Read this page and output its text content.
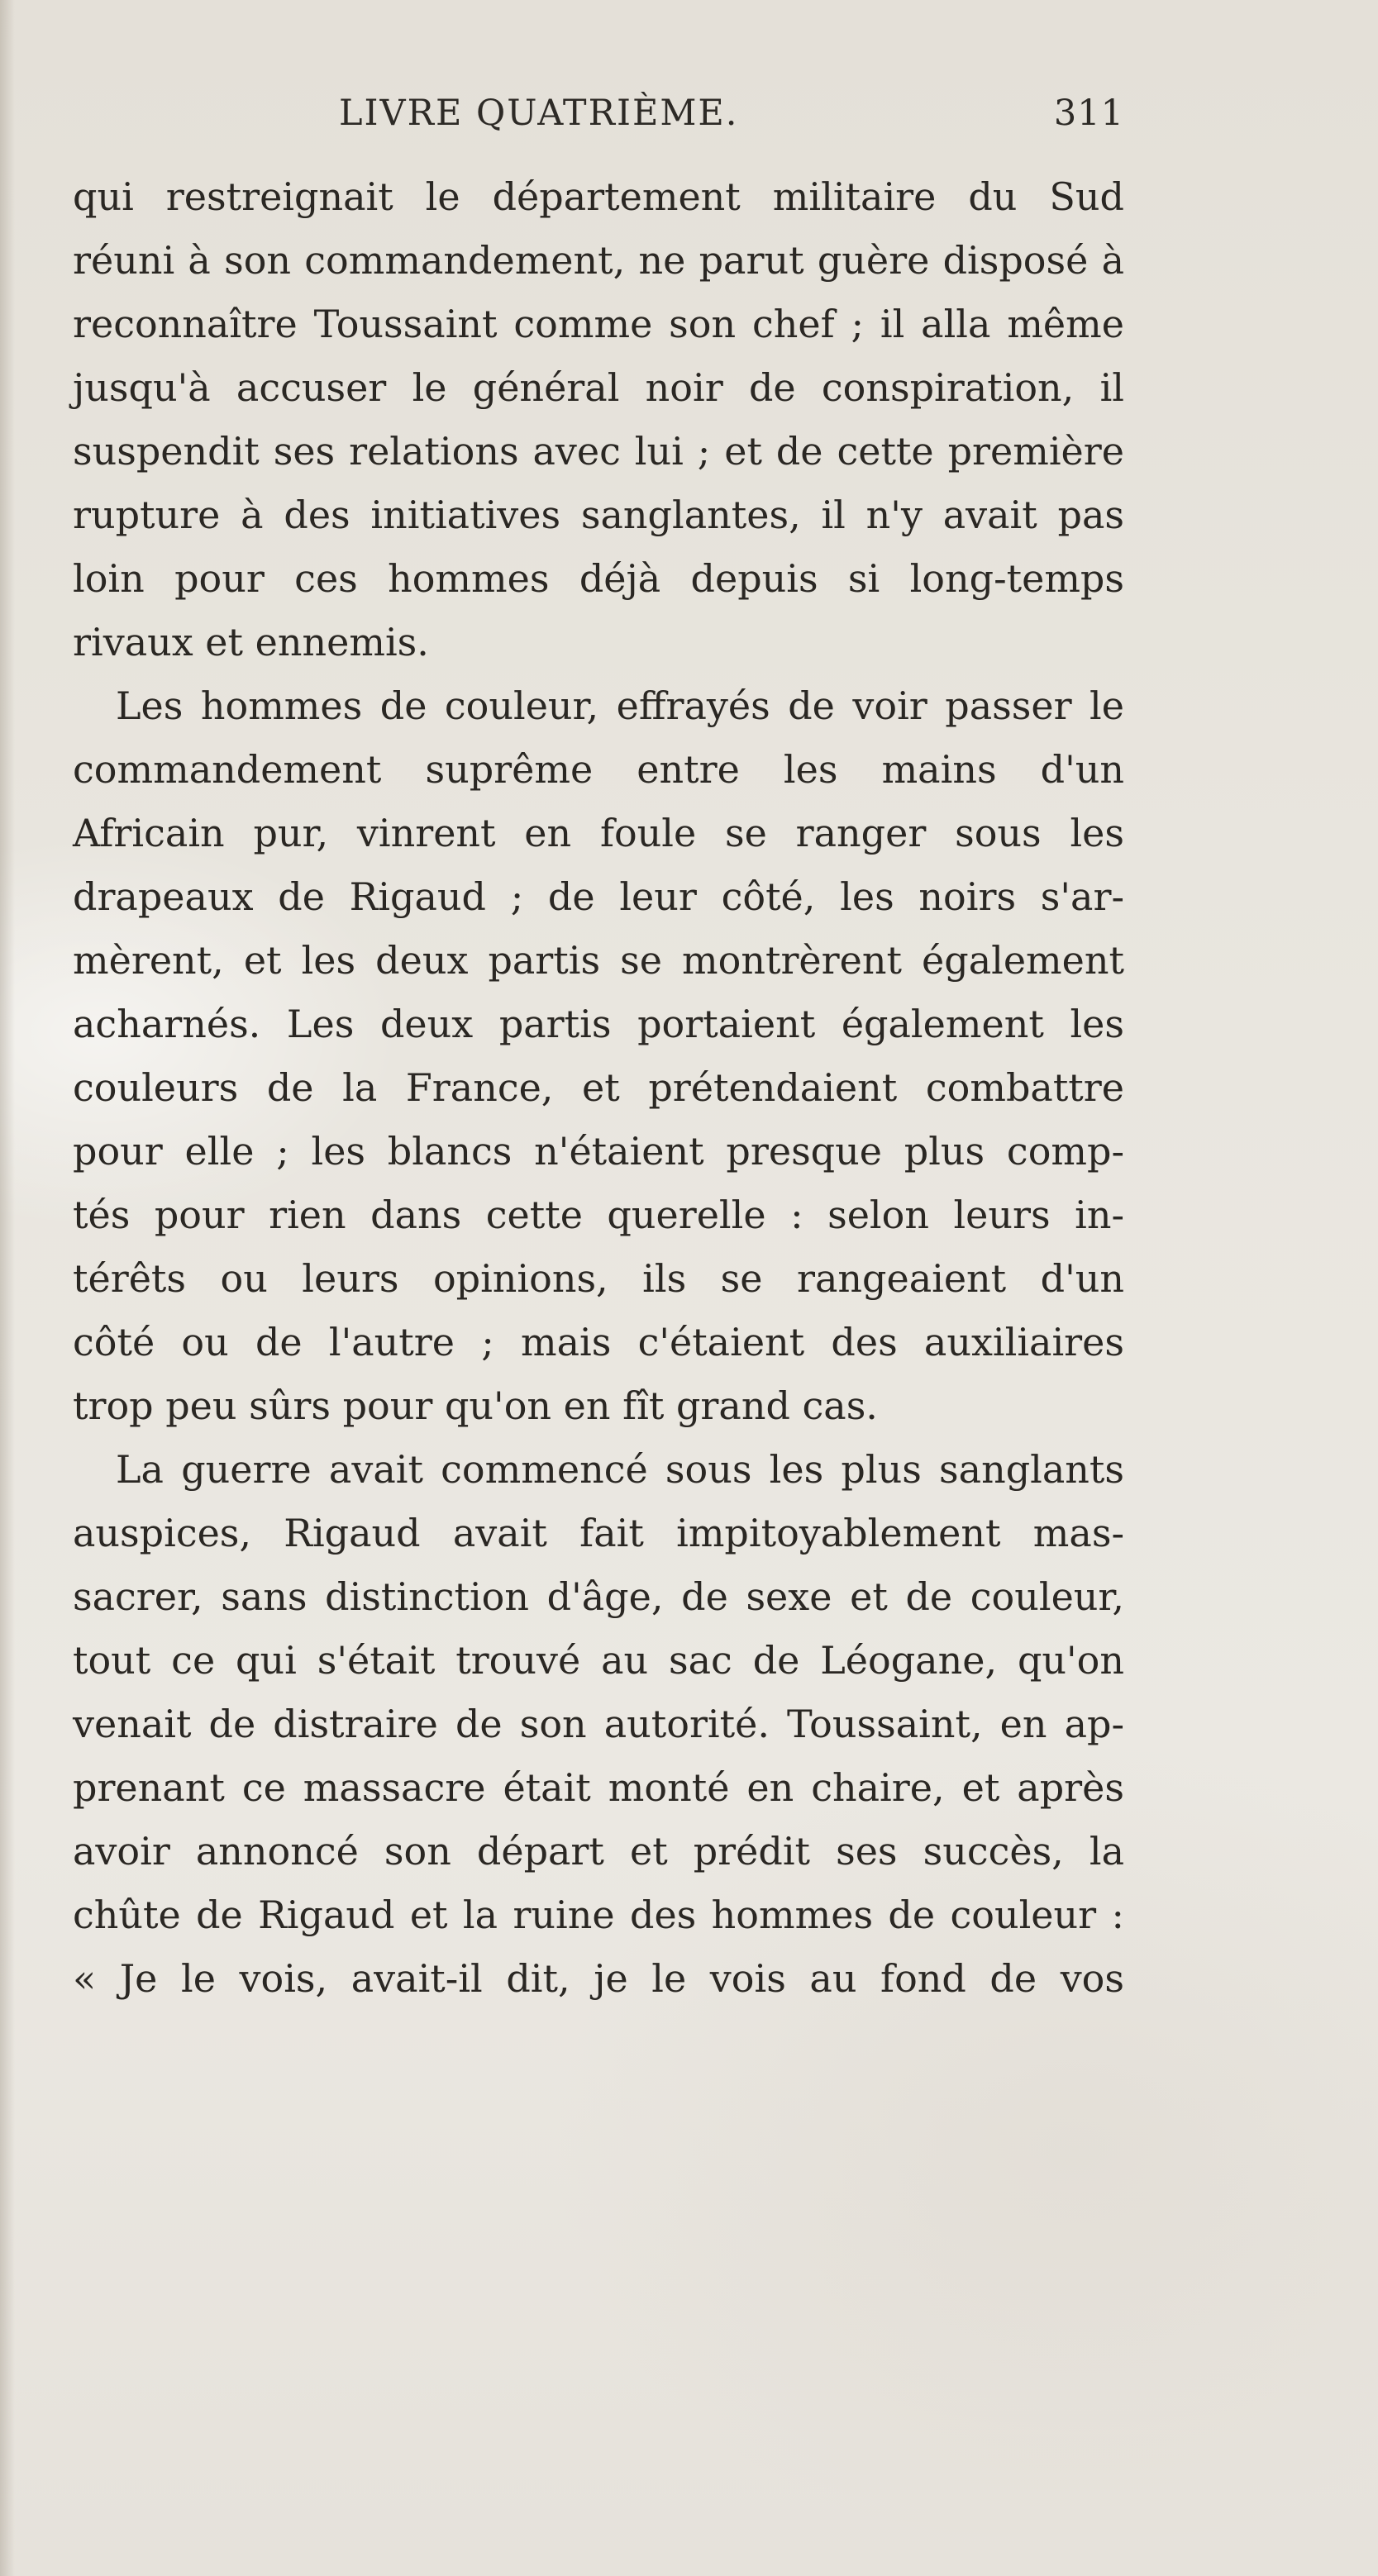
LIVRE QUATRIÈME.	311
qui restreignait le département militaire du Sud
réuni à son commandement, ne parut guère disposé à
reconnaître Toussaint comme son chef ; il alla même
jusqu'à accuser le général noir de conspiration, il
suspendit ses relations avec lui ; et de cette première
rupture à des initiatives sanglantes, il n'y avait pas
loin pour ces hommes déjà depuis si long-temps
rivaux et ennemis.
Les hommes de couleur, effrayés de voir passer le
commandement suprême entre les mains d'un
Africain pur, vinrent en foule se ranger sous les
drapeaux de Rigaud ; de leur côté, les noirs s'ar-
mèrent, et les deux partis se montrèrent également
acharnés. Les deux partis portaient également les
couleurs de la France, et prétendaient combattre
pour elle ; les blancs n'étaient presque plus comp-
tés pour rien dans cette querelle : selon leurs in-
térêts ou leurs opinions, ils se rangeaient d'un
côté ou de l'autre ; mais c'étaient des auxiliaires
trop peu sûrs pour qu'on en fît grand cas.
La guerre avait commencé sous les plus sanglants
auspices, Rigaud avait fait impitoyablement mas-
sacrer, sans distinction d'âge, de sexe et de couleur,
tout ce qui s'était trouvé au sac de Léogane, qu'on
venait de distraire de son autorité. Toussaint, en ap-
prenant ce massacre était monté en chaire, et après
avoir annoncé son départ et prédit ses succès, la
chûte de Rigaud et la ruine des hommes de couleur :
« Je le vois, avait-il dit, je le vois au fond de vos
